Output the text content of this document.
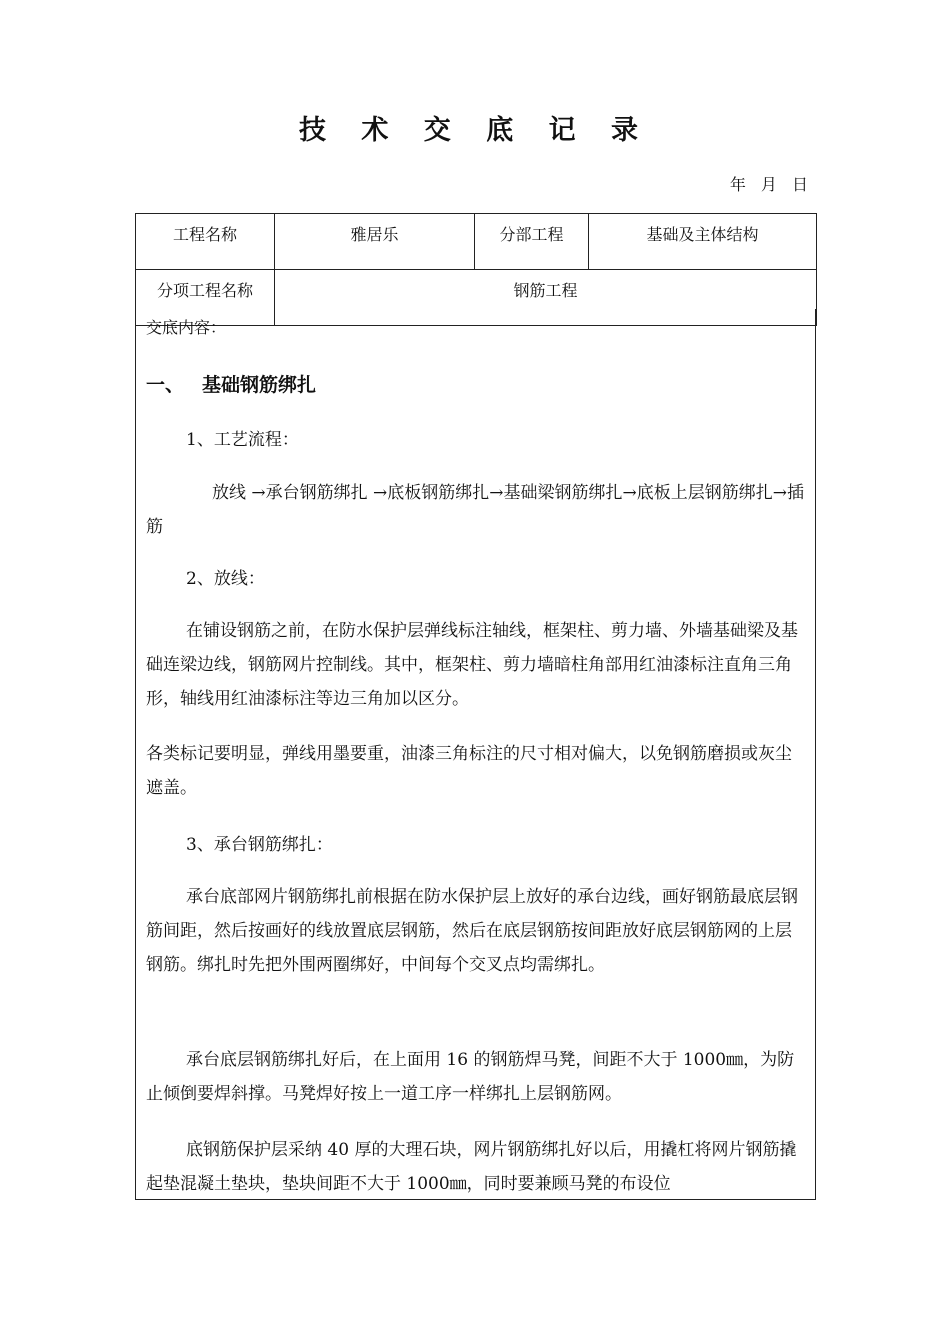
技 术 交 底 记 录
年 月 日
工程名称	雅居乐	分部工程	基础及主体结构
分项工程名称	钢筋工程		
交底内容：
一、 基础钢筋绑扎

1、工艺流程：

放线 →承台钢筋绑扎 →底板钢筋绑扎→基础梁钢筋绑扎→底板上层钢筋绑扎→插筋

2、放线：

在铺设钢筋之前，在防水保护层弹线标注轴线，框架柱、剪力墙、外墙基础梁及基础连梁边线，钢筋网片控制线。其中，框架柱、剪力墙暗柱角部用红油漆标注直角三角形，轴线用红油漆标注等边三角加以区分。

各类标记要明显，弹线用墨要重，油漆三角标注的尺寸相对偏大，以免钢筋磨损或灰尘遮盖。

3、承台钢筋绑扎：

承台底部网片钢筋绑扎前根据在防水保护层上放好的承台边线，画好钢筋最底层钢筋间距，然后按画好的线放置底层钢筋，然后在底层钢筋按间距放好底层钢筋网的上层钢筋。绑扎时先把外围两圈绑好，中间每个交叉点均需绑扎。

承台底层钢筋绑扎好后，在上面用 16 的钢筋焊马凳，间距不大于 1000㎜，为防止倾倒要焊斜撑。马凳焊好按上一道工序一样绑扎上层钢筋网。

底钢筋保护层采纳 40 厚的大理石块，网片钢筋绑扎好以后，用撬杠将网片钢筋撬起垫混凝土垫块，垫块间距不大于 1000㎜，同时要兼顾马凳的布设位
